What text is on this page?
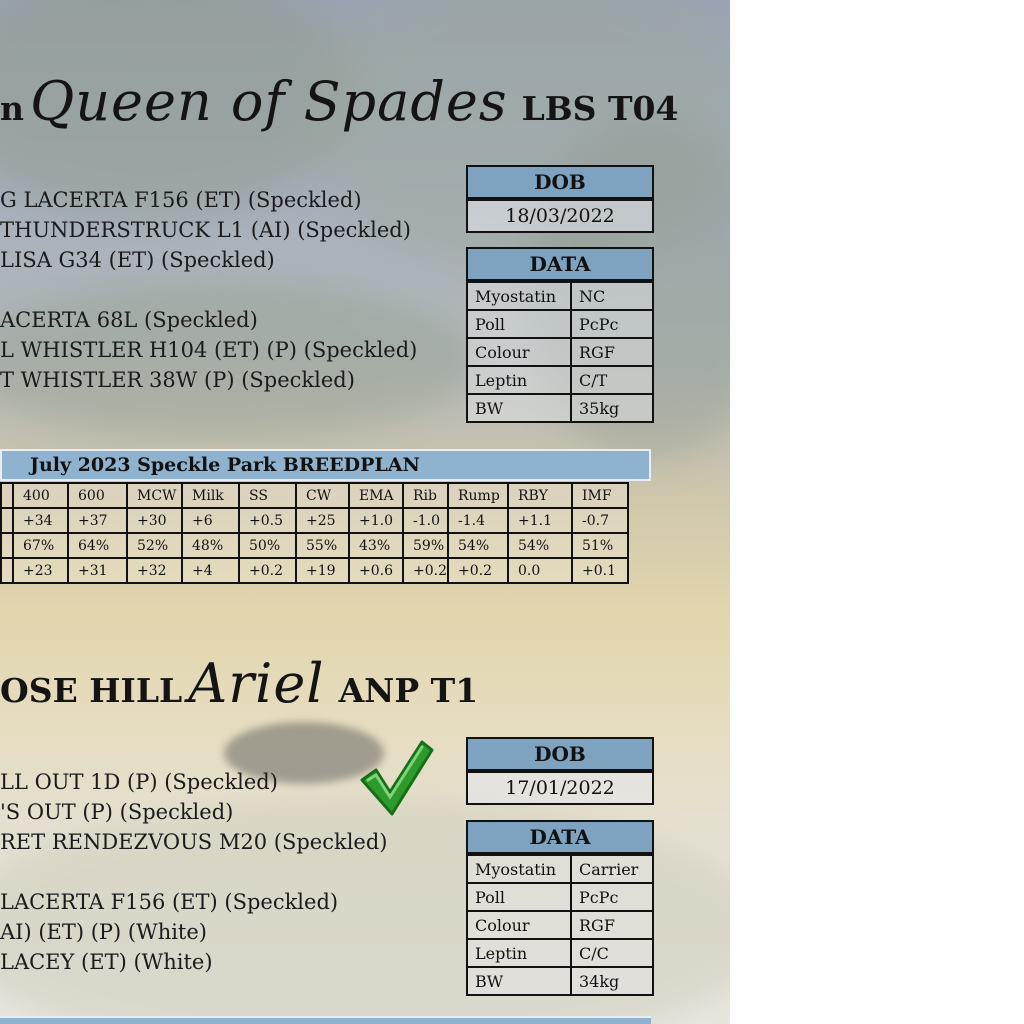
n Queen of Spades LBS T04
G LACERTA F156 (ET) (Speckled)
THUNDERSTRUCK L1 (AI) (Speckled)
LISA G34 (ET) (Speckled)
ACERTA 68L (Speckled)
L WHISTLER H104 (ET) (P) (Speckled)
T WHISTLER 38W (P) (Speckled)
DOB
18/03/2022
DATA
Myostatin	NC
Poll	PcPc
Colour	RGF
Leptin	C/T
BW	35kg
July 2023 Speckle Park BREEDPLAN
	400	600	MCW	Milk	SS	CW	EMA	Rib	Rump	RBY	IMF
	+34	+37	+30	+6	+0.5	+25	+1.0	-1.0	-1.4	+1.1	-0.7
	67%	64%	52%	48%	50%	55%	43%	59%	54%	54%	51%
	+23	+31	+32	+4	+0.2	+19	+0.6	+0.2	+0.2	0.0	+0.1
OSE HILL Ariel ANP T1
LL OUT 1D (P) (Speckled)
'S OUT (P) (Speckled)
RET RENDEZVOUS M20 (Speckled)
LACERTA F156 (ET) (Speckled)
AI) (ET) (P) (White)
LACEY (ET) (White)
DOB
17/01/2022
DATA
Myostatin	Carrier
Poll	PcPc
Colour	RGF
Leptin	C/C
BW	34kg
